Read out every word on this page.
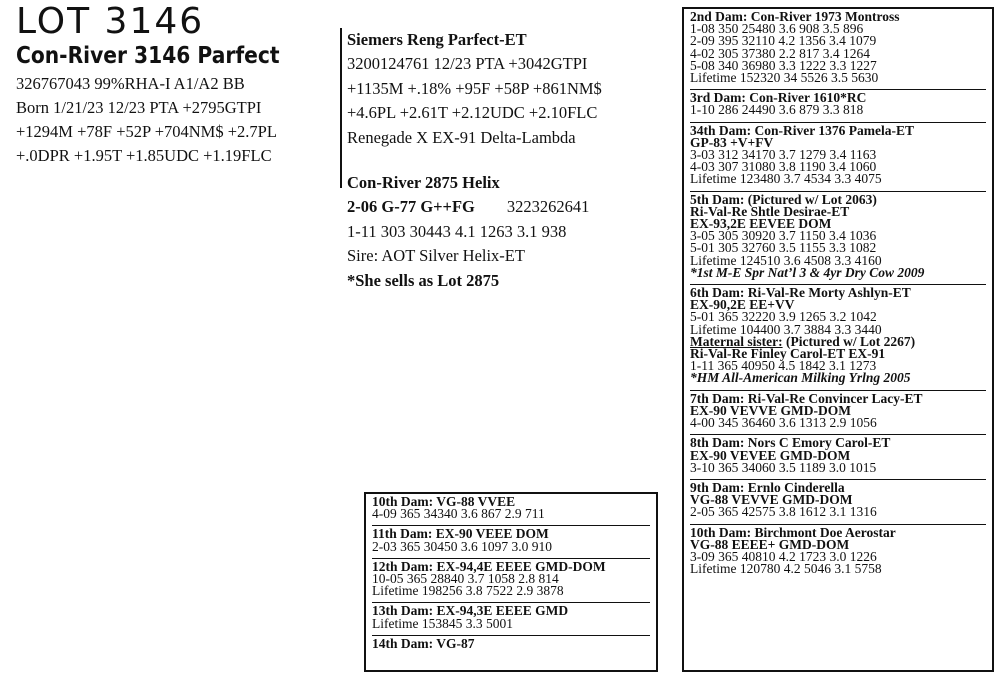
LOT 3146
Con-River 3146 Parfect
326767043 99%RHA-I A1/A2 BB
Born 1/21/23 12/23 PTA +2795GTPI
+1294M +78F +52P +704NM$ +2.7PL
+.0DPR +1.95T +1.85UDC +1.19FLC
Siemers Reng Parfect-ET
3200124761 12/23 PTA +3042GTPI
+1135M +.18% +95F +58P +861NM$
+4.6PL +2.61T +2.12UDC +2.10FLC
Renegade X EX-91 Delta-Lambda
Con-River 2875 Helix
2-06 G-77 G++FG 3223262641
1-11 303 30443 4.1 1263 3.1 938
Sire: AOT Silver Helix-ET
*She sells as Lot 2875
2nd Dam: Con-River 1973 Montross
1-08 350 25480 3.6 908 3.5 896
2-09 395 32110 4.2 1356 3.4 1079
4-02 305 37380 2.2 817 3.4 1264
5-08 340 36980 3.3 1222 3.3 1227
Lifetime 152320 34 5526 3.5 5630
3rd Dam: Con-River 1610*RC
1-10 286 24490 3.6 879 3.3 818
34th Dam: Con-River 1376 Pamela-ET
GP-83 +V+FV
3-03 312 34170 3.7 1279 3.4 1163
4-03 307 31080 3.8 1190 3.4 1060
Lifetime 123480 3.7 4534 3.3 4075
5th Dam: (Pictured w/ Lot 2063)
Ri-Val-Re Shtle Desirae-ET
EX-93,2E EEVEE DOM
3-05 305 30920 3.7 1150 3.4 1036
5-01 305 32760 3.5 1155 3.3 1082
Lifetime 124510 3.6 4508 3.3 4160
*1st M-E Spr Nat’l 3 & 4yr Dry Cow 2009
6th Dam: Ri-Val-Re Morty Ashlyn-ET
EX-90,2E EE+VV
5-01 365 32220 3.9 1265 3.2 1042
Lifetime 104400 3.7 3884 3.3 3440
Maternal sister: (Pictured w/ Lot 2267)
Ri-Val-Re Finley Carol-ET EX-91
1-11 365 40950 4.5 1842 3.1 1273
*HM All-American Milking Yrlng 2005
7th Dam: Ri-Val-Re Convincer Lacy-ET
EX-90 VEVVE GMD-DOM
4-00 345 36460 3.6 1313 2.9 1056
8th Dam: Nors C Emory Carol-ET
EX-90 VEVEE GMD-DOM
3-10 365 34060 3.5 1189 3.0 1015
9th Dam: Ernlo Cinderella
VG-88 VEVVE GMD-DOM
2-05 365 42575 3.8 1612 3.1 1316
10th Dam: Birchmont Doe Aerostar
VG-88 EEEE+ GMD-DOM
3-09 365 40810 4.2 1723 3.0 1226
Lifetime 120780 4.2 5046 3.1 5758
10th Dam: VG-88 VVEE
4-09 365 34340 3.6 867 2.9 711
11th Dam: EX-90 VEEE DOM
2-03 365 30450 3.6 1097 3.0 910
12th Dam: EX-94,4E EEEE GMD-DOM
10-05 365 28840 3.7 1058 2.8 814
Lifetime 198256 3.8 7522 2.9 3878
13th Dam: EX-94,3E EEEE GMD
Lifetime 153845 3.3 5001
14th Dam: VG-87
